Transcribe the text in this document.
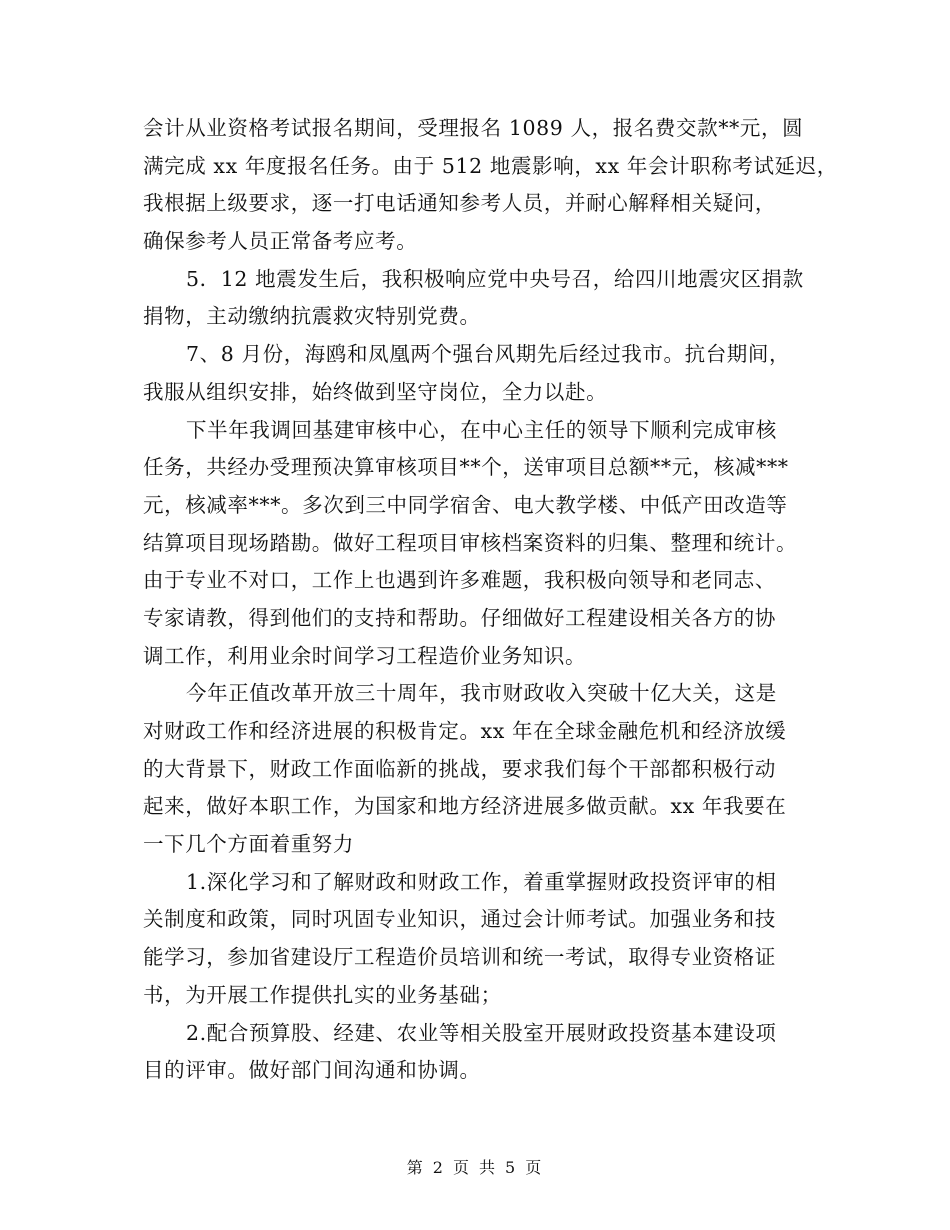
会计从业资格考试报名期间，受理报名 1089 人，报名费交款**元，圆
满完成 xx 年度报名任务。由于 512 地震影响，xx 年会计职称考试延迟，
我根据上级要求，逐一打电话通知参考人员，并耐心解释相关疑问，
确保参考人员正常备考应考。
5．12 地震发生后，我积极响应党中央号召，给四川地震灾区捐款
捐物，主动缴纳抗震救灾特别党费。
7、8 月份，海鸥和凤凰两个强台风期先后经过我市。抗台期间，
我服从组织安排，始终做到坚守岗位，全力以赴。
下半年我调回基建审核中心，在中心主任的领导下顺利完成审核
任务，共经办受理预决算审核项目**个，送审项目总额**元，核减***
元，核减率***。多次到三中同学宿舍、电大教学楼、中低产田改造等
结算项目现场踏勘。做好工程项目审核档案资料的归集、整理和统计。
由于专业不对口，工作上也遇到许多难题，我积极向领导和老同志、
专家请教，得到他们的支持和帮助。仔细做好工程建设相关各方的协
调工作，利用业余时间学习工程造价业务知识。
今年正值改革开放三十周年，我市财政收入突破十亿大关，这是
对财政工作和经济进展的积极肯定。xx 年在全球金融危机和经济放缓
的大背景下，财政工作面临新的挑战，要求我们每个干部都积极行动
起来，做好本职工作，为国家和地方经济进展多做贡献。xx 年我要在
一下几个方面着重努力
1.深化学习和了解财政和财政工作，着重掌握财政投资评审的相
关制度和政策，同时巩固专业知识，通过会计师考试。加强业务和技
能学习，参加省建设厅工程造价员培训和统一考试，取得专业资格证
书，为开展工作提供扎实的业务基础；
2.配合预算股、经建、农业等相关股室开展财政投资基本建设项
目的评审。做好部门间沟通和协调。
第 2 页 共 5 页
